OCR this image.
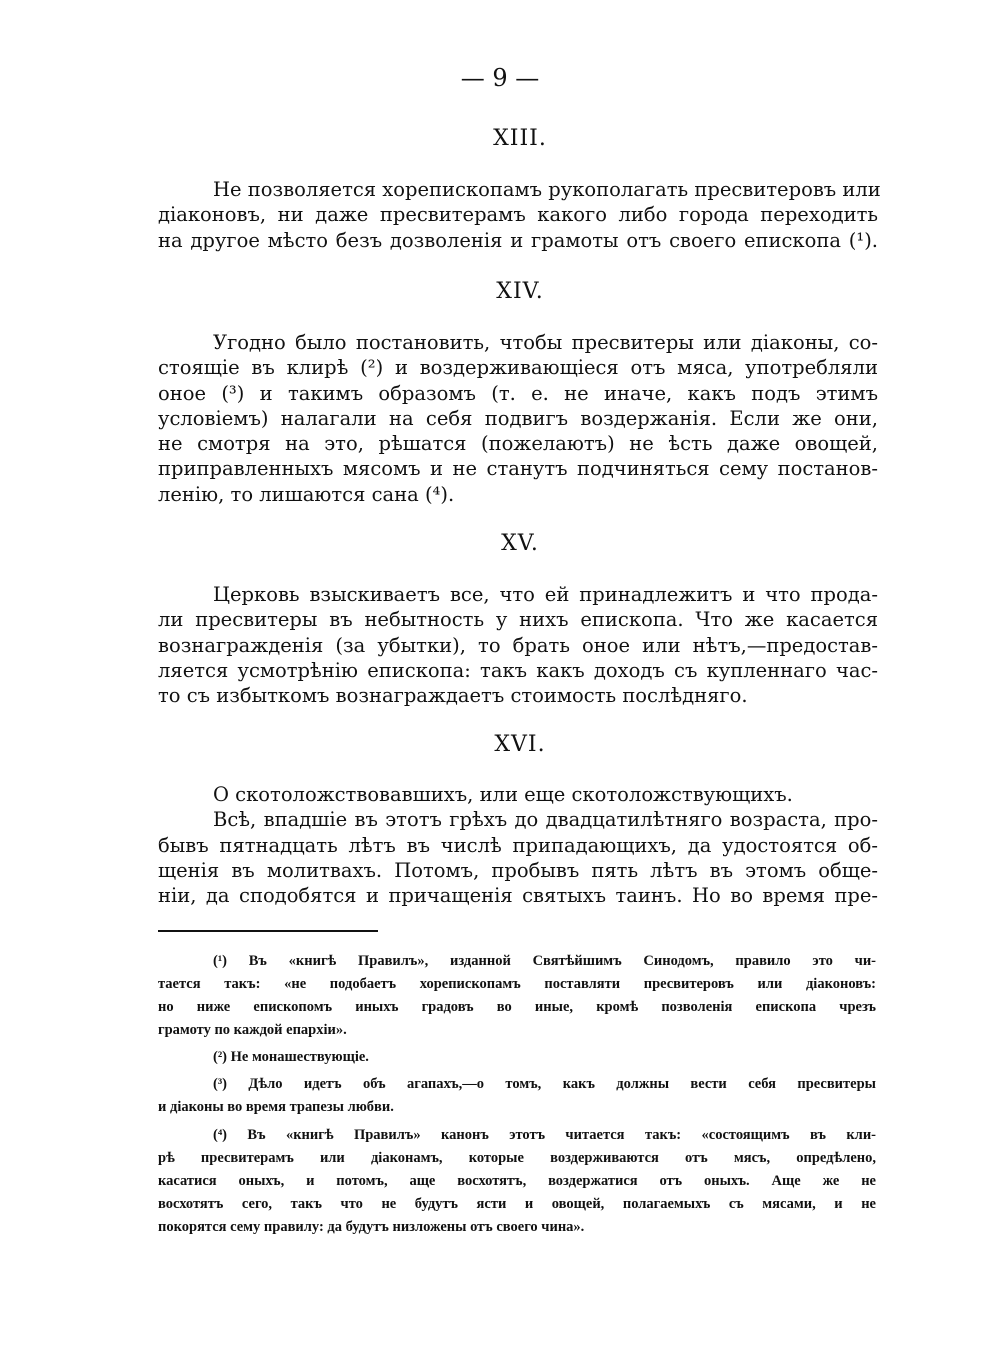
— 9 —
XIII.
Не позволяется хорепископамъ рукополагать пресвитеровъ или
діаконовъ, ни даже пресвитерамъ какого либо города переходить
на другое мѣсто безъ дозволенія и грамоты отъ своего епископа (¹).
XIV.
Угодно было постановить, чтобы пресвитеры или діаконы, со-
стоящіе въ клирѣ (²) и воздерживающіеся отъ мяса, употребляли
оное (³) и такимъ образомъ (т. е. не иначе, какъ подъ этимъ
условіемъ) налагали на себя подвигъ воздержанія. Если же они,
не смотря на это, рѣшатся (пожелаютъ) не ѣсть даже овощей,
приправленныхъ мясомъ и не станутъ подчиняться сему постанов-
ленію, то лишаются сана (⁴).
XV.
Церковь взыскиваетъ все, что ей принадлежитъ и что прода-
ли пресвитеры въ небытность у нихъ епископа. Что же касается
вознагражденія (за убытки), то брать оное или нѣтъ,—предостав-
ляется усмотрѣнію епископа: такъ какъ доходъ съ купленнаго час-
то съ избыткомъ вознаграждаетъ стоимость послѣдняго.
XVI.
О скотоложствовавшихъ, или еще скотоложствующихъ.
Всѣ, впадшіе въ этотъ грѣхъ до двадцатилѣтняго возраста, про-
бывъ пятнадцать лѣтъ въ числѣ припадающихъ, да удостоятся об-
щенія въ молитвахъ. Потомъ, пробывъ пять лѣтъ въ этомъ обще-
ніи, да сподобятся и причащенія святыхъ таинъ. Но во время пре-
(¹) Въ «книгѣ Правилъ», изданной Святѣйшимъ Синодомъ, правило это чи-
тается такъ: «не подобаетъ хорепископамъ поставляти пресвитеровъ или діаконовъ:
но ниже епископомъ иныхъ градовъ во иные, кромѣ позволенія епископа чрезъ
грамоту по каждой епархіи».
(²) Не монашествующіе.
(³) Дѣло идетъ объ агапахъ,—о томъ, какъ должны вести себя пресвитеры
и діаконы во время трапезы любви.
(⁴) Въ «книгѣ Правилъ» канонъ этотъ читается такъ: «состоящимъ въ кли-
рѣ пресвитерамъ или діаконамъ, которые воздерживаются отъ мясъ, опредѣлено,
касатися оныхъ, и потомъ, аще восхотятъ, воздержатися отъ оныхъ. Аще же не
восхотятъ сего, такъ что не будутъ ясти и овощей, полагаемыхъ съ мясами, и не
покорятся сему правилу: да будутъ низложены отъ своего чина».
